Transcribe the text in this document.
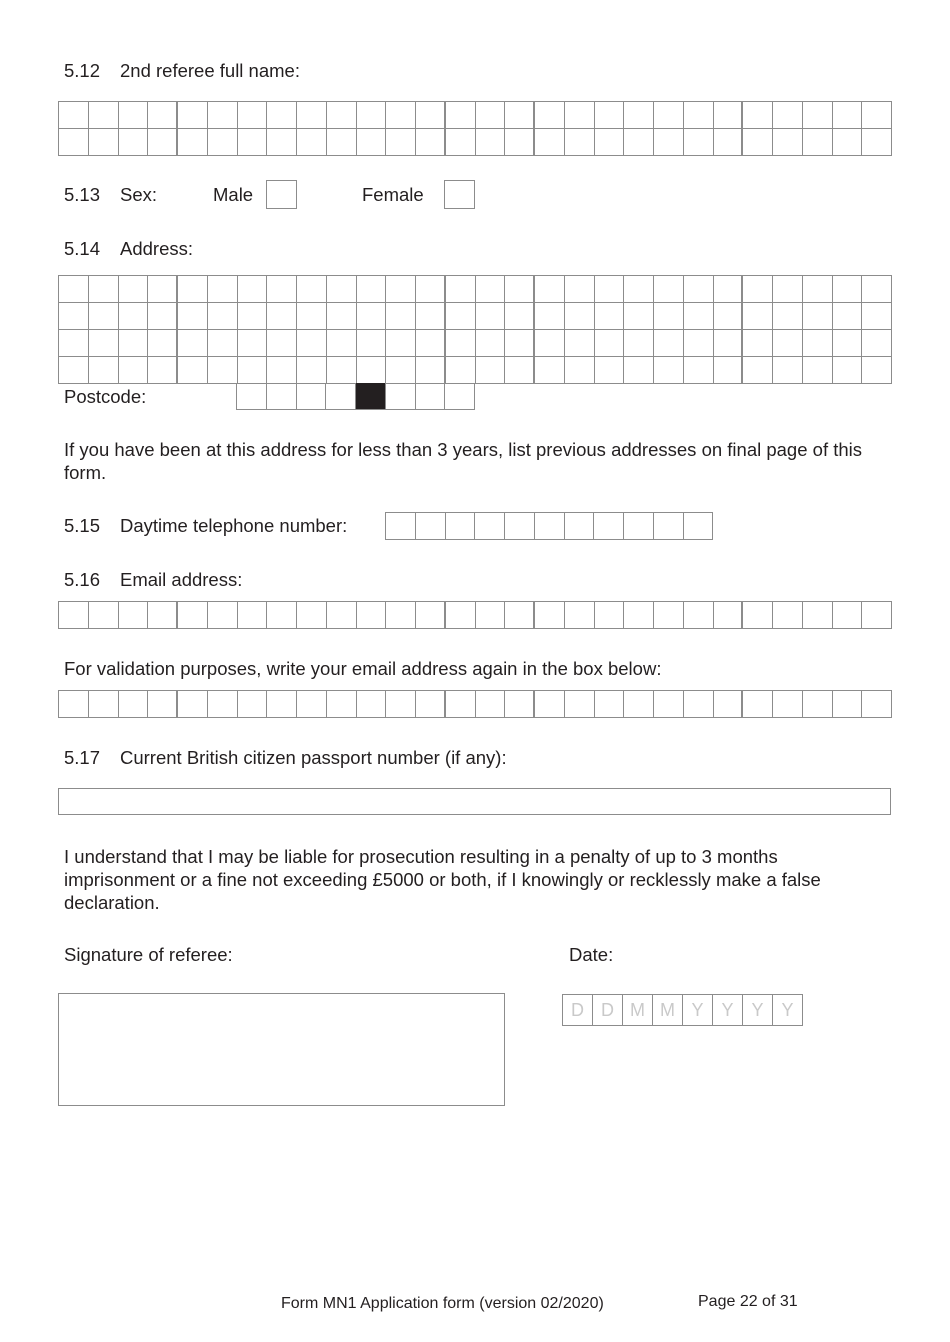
5.12 2nd referee full name:
5.13 Sex:	Male	Female
5.14 Address:
Postcode:
If you have been at this address for less than 3 years, list previous addresses on final page of this form.
5.15 Daytime telephone number:
5.16 Email address:
For validation purposes, write your email address again in the box below:
5.17 Current British citizen passport number (if any):
I understand that I may be liable for prosecution resulting in a penalty of up to 3 months imprisonment or a fine not exceeding £5000 or both, if I knowingly or recklessly make a false declaration.
Signature of referee:	Date:
D D M M Y Y Y Y
Form MN1 Application form (version 02/2020)	Page 22 of 31
